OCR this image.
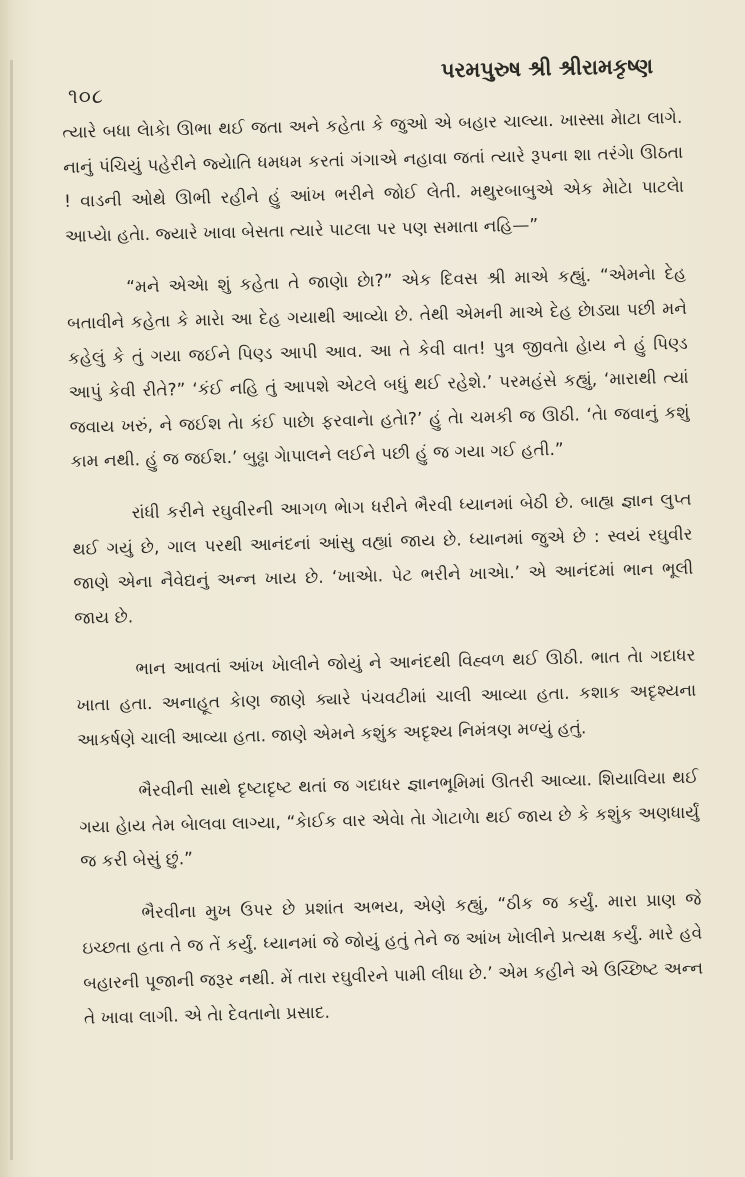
૧૦૮
પરમપુરુષ શ્રી શ્રીરામકૃષ્ણ

ત્યારે બધા લેાકેા ઊભા થઈ જતા અને કહેતા કે જુઓ એ બહાર ચાલ્યા. ખાસ્સા મેાટા લાગે. નાનું પંચિયું પહેરીને જ્યેાતિ ધમધમ કરતાં ગંગાએ નહાવા જતાં ત્યારે રૂપના શા તરંગેા ઊઠતા ! વાડની ઓથે ઊભી રહીને હું આંખ ભરીને જોઈ લેતી. મથુરબાબુએ એક મેાટેા પાટલેા આપ્યેા હતેા. જ્યારે ખાવા બેસતા ત્યારે પાટલા પર પણ સમાતા નહિ—”

“મને એએા શું કહેતા તે જાણેા છેા?” એક દિવસ શ્રી માએ કહ્યું. “એમનેા દેહ બતાવીને કહેતા કે મારેા આ દેહ ગયાથી આવ્યેા છે. તેથી એમની માએ દેહ છેાડ્યા પછી મને કહેલું કે તું ગયા જઈને પિણ્ડ આપી આવ. આ તે કેવી વાત! પુત્ર જીવતેા હેાય ને હું પિણ્ડ આપું કેવી રીતે?” ‘કંઈ નહિ તું આપશે એટલે બધું થઈ રહેશે.’ પરમહંસે કહ્યું, ‘મારાથી ત્યાં જવાય ખરું, ને જઈશ તેા કંઈ પાછેા ફરવાનેા હતેા?’ હું તેા ચમકી જ ઊઠી. ‘તેા જવાનું કશું કામ નથી. હું જ જઈશ.’ બુઢ્ઢા ગેાપાલને લઈને પછી હું જ ગયા ગઈ હતી.”

રાંધી કરીને રઘુવીરની આગળ ભેાગ ધરીને ભૈરવી ધ્યાનમાં બેઠી છે. બાહ્ય જ્ઞાન લુપ્ત થઈ ગયું છે, ગાલ પરથી આનંદનાં આંસુ વહ્યાં જાય છે. ધ્યાનમાં જુએ છે : સ્વયં રઘુવીર જાણે એના નૈવેદ્યનું અન્ન ખાય છે. ‘ખાએા. પેટ ભરીને ખાએા.’ એ આનંદમાં ભાન ભૂલી જાય છે.

ભાન આવતાં આંખ ખેાલીને જોયું ને આનંદથી વિહ્વળ થઈ ઊઠી. ભાત તેા ગદાધર ખાતા હતા. અનાહૂત કેાણ જાણે ક્યારે પંચવટીમાં ચાલી આવ્યા હતા. કશાક અદૃશ્યના આકર્ષણે ચાલી આવ્યા હતા. જાણે એમને કશુંક અદૃશ્ય નિમંત્રણ મળ્યું હતું.

ભૈરવીની સાથે દૃષ્ટાદૃષ્ટ થતાં જ ગદાધર જ્ઞાનભૂમિમાં ઊતરી આવ્યા. શિયાવિયા થઈ ગયા હેાય તેમ બેાલવા લાગ્યા, “કેાઈક વાર એવેા તેા ગેાટાળેા થઈ જાય છે કે કશુંક અણધાર્યું જ કરી બેસું છું.”

ભૈરવીના મુખ ઉપર છે પ્રશાંત અભય, એણે કહ્યું, “ઠીક જ કર્યું. મારા પ્રાણ જે ઇચ્છતા હતા તે જ તેં કર્યું. ધ્યાનમાં જે જોયું હતું તેને જ આંખ ખેાલીને પ્રત્યક્ષ કર્યું. મારે હવે બહારની પૂજાની જરૂર નથી. મેં તારા રઘુવીરને પામી લીધા છે.’ એમ કહીને એ ઉચ્છિષ્ટ અન્ન તે ખાવા લાગી. એ તેા દેવતાનેા પ્રસાદ.
